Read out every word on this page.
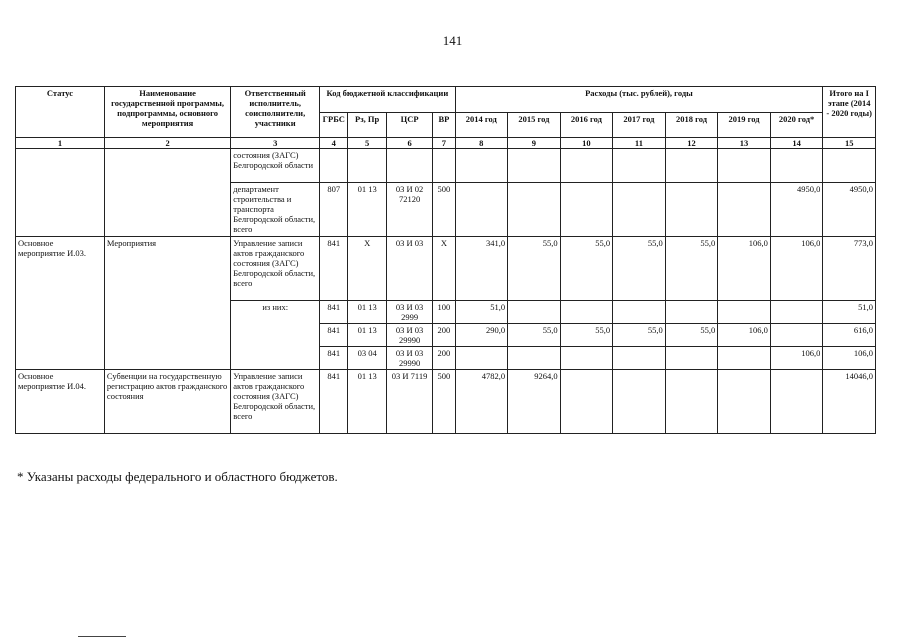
141
Статус	Наименование государственной программы, подпрограммы, основного мероприятия	Ответственный исполнитель, соисполнители, участники	Код бюджетной классификации				Расходы (тыс. рублей), годы							Итого на I этапе (2014 - 2020 годы)
			ГРБС	Рз, Пр	ЦСР	ВР	2014 год	2015 год	2016 год	2017 год	2018 год	2019 год	2020 год*	
1	2	3	4	5	6	7	8	9	10	11	12	13	14	15
		состояния (ЗАГС) Белгородской области												
		департамент строительства и транспорта Белгородской области, всего	807	01 13	03 И 02 72120	500							4950,0	4950,0
Основное мероприятие И.03.	Мероприятия	Управление записи актов гражданского состояния (ЗАГС) Белгородской области, всего	841	Х	03 И 03	Х	341,0	55,0	55,0	55,0	55,0	106,0	106,0	773,0
		из них:	841	01 13	03 И 03 2999	100	51,0							51,0
			841	01 13	03 И 03 29990	200	290,0	55,0	55,0	55,0	55,0	106,0		616,0
			841	03 04	03 И 03 29990	200							106,0	106,0
Основное мероприятие И.04.	Субвенции на государственную регистрацию актов гражданского состояния	Управление записи актов гражданского состояния (ЗАГС) Белгородской области, всего	841	01 13	03 И 7119	500	4782,0	9264,0						14046,0
* Указаны расходы федерального и областного бюджетов.
